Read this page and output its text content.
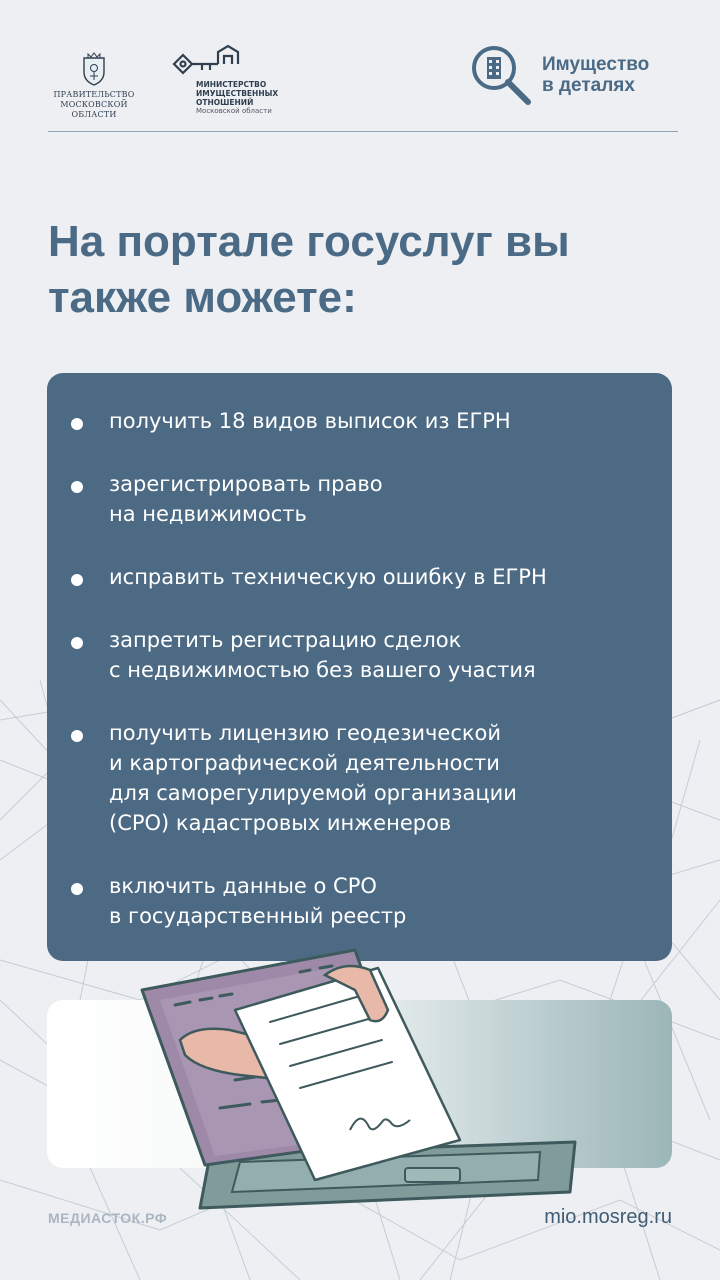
ПРАВИТЕЛЬСТВО
МОСКОВСКОЙ
ОБЛАСТИ
МИНИСТЕРСТВО
ИМУЩЕСТВЕННЫХ
ОТНОШЕНИЙ
Московской области
Имущество
в деталях
На портале госуслуг вы
также можете:
получить 18 видов выписок из ЕГРН
зарегистрировать право
на недвижимость
исправить техническую ошибку в ЕГРН
запретить регистрацию сделок
с недвижимостью без вашего участия
получить лицензию геодезической
и картографической деятельности
для саморегулируемой организации
(СРО) кадастровых инженеров
включить данные о СРО
в государственный реестр
МЕДИАСТОК.РФ	mio.mosreg.ru
